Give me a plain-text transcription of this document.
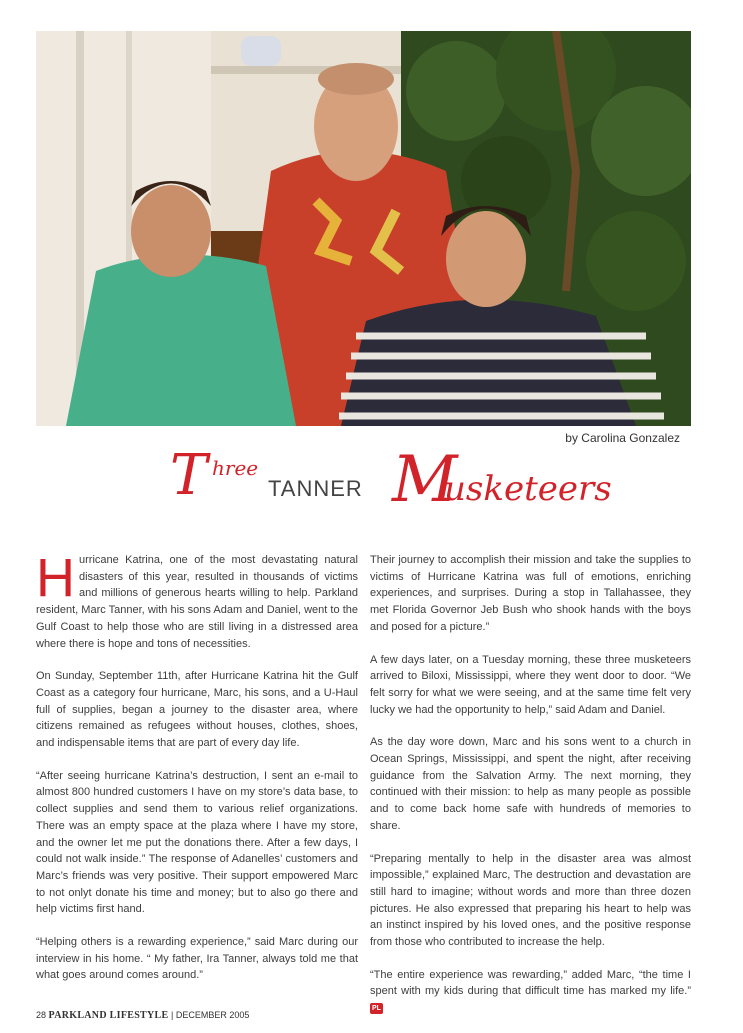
by Carolina Gonzalez
T hree
TANNER M
usketeers

Hurricane Katrina, one of the most devastating natural disasters of this year, resulted in thousands of victims and millions of generous hearts willing to help. Parkland resident, Marc Tanner, with his sons Adam and Daniel, went to the Gulf Coast to help those who are still living in a distressed area where there is hope and tons of necessities.

On Sunday, September 11th, after Hurricane Katrina hit the Gulf Coast as a category four hurricane, Marc, his sons, and a U-Haul full of supplies, began a journey to the disaster area, where citizens remained as refugees without houses, clothes, shoes, and indispensable items that are part of every day life.

“After seeing hurricane Katrina’s destruction, I sent an e-mail to almost 800 hundred customers I have on my store’s data base, to collect supplies and send them to various relief organizations. There was an empty space at the plaza where I have my store, and the owner let me put the donations there. After a few days, I could not walk inside.” The response of Adanelles’ customers and Marc’s friends was very positive. Their support empowered Marc to not onlyt donate his time and money; but to also go there and help victims first hand.

“Helping others is a rewarding experience,” said Marc during our interview in his home. “ My father, Ira Tanner, always told me that what goes around comes around.”

Their journey to accomplish their mission and take the supplies to victims of Hurricane Katrina was full of emotions, enriching experiences, and surprises. During a stop in Tallahassee, they met Florida Governor Jeb Bush who shook hands with the boys and posed for a picture.”

A few days later, on a Tuesday morning, these three musketeers arrived to Biloxi, Mississippi, where they went door to door. “We felt sorry for what we were seeing, and at the same time felt very lucky we had the opportunity to help,” said Adam and Daniel.

As the day wore down, Marc and his sons went to a church in Ocean Springs, Mississippi, and spent the night, after receiving guidance from the Salvation Army. The next morning, they continued with their mission: to help as many people as possible and to come back home safe with hundreds of memories to share.

“Preparing mentally to help in the disaster area was almost impossible,” explained Marc, The destruction and devastation are still hard to imagine; without words and more than three dozen pictures. He also expressed that preparing his heart to help was an instinct inspired by his loved ones, and the positive response from those who contributed to increase the help.

“The entire experience was rewarding,” added Marc, “the time I spent with my kids during that difficult time has marked my life.” PL

28 PARKLAND LIFESTYLE | DECEMBER 2005
